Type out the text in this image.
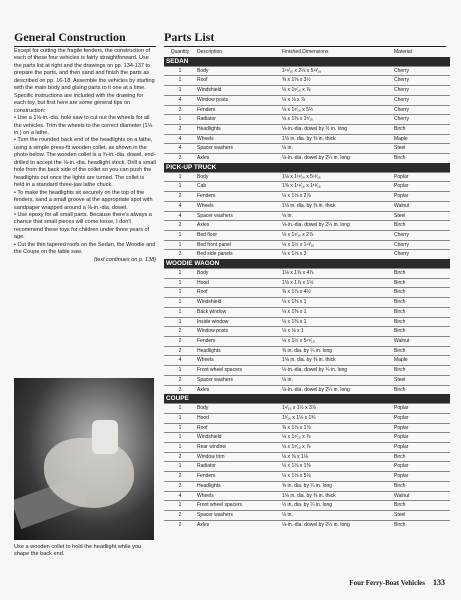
General Construction

Except for cutting the fragile fenders, the construction of each of these four vehicles is fairly straightforward. Use the parts list at right and the drawings on pp. 134-137 to prepare the parts, and then sand and finish the parts as described on pp. 16-18. Assemble the vehicles by starting with the main body and gluing parts to it one at a time. Specific instructions are included with the drawing for each toy, but first here are some general tips on construction:

• Use a 1⅛-in.-dia. hole saw to cut out the wheels for all the vehicles. Trim the wheels to the correct diameter (1⅛ in.) on a lathe.

• Turn the rounded back end of the headlights on a lathe, using a simple press-fit wooden collet, as shown in the photo below. The wooden collet is a ¾-in.-dia. dowel, end-drilled to accept the ⅛-in.-dia. headlight stock. Drill a small hole from the back side of the collet so you can push the headlights out once the lights are turned. The collet is held in a standard three-jaw lathe chuck.

• To make the headlights sit securely on the top of the fenders, sand a small groove at the appropriate spot with sandpaper wrapped around a ⅛-in.-dia. dowel.

• Use epoxy for all small parts. Because there's always a chance that small pieces will come loose, I don't recommend these toys for children under three years of age.

• Cut the thin tapered roofs on the Sedan, the Woodie and the Coupe on the table saw.

(text continues on p. 138)

Use a wooden collet to hold the headlight while you shape the back end.

Parts List
Quantity	Description	Finished Dimensions	Material
SEDAN			
1	Body	1¹⁵⁄₁₆ x 2⅛ x 5¹³⁄₁₆	Cherry
1	Roof	⅜ x 1⅝ x 3½	Cherry
1	Windshield	⅛ x 1⁵⁄₁₆ x ⅞	Cherry
4	Window posts	⅛ x ⅛ x ⅞	Cherry
2	Fenders	⅛ x 1⁵⁄₁₆ x 5½	Cherry
1	Radiator	⅛ x 1⅜ x 1⁵⁄₁₆	Cherry
2	Headlights	⅛-in.-dia. dowel by ½ in. long	Birch
4	Wheels	1⅛ in. dia. by ⅜ in. thick	Maple
4	Spacer washers	⅛ in.	Steel
2	Axles	⅛-in.-dia. dowel by 2¼ in. long	Birch
PICK-UP TRUCK			
1	Body	1⅛ x 1¹¹⁄₁₆ x 5¹³⁄₁₆	Poplar
1	Cab	1⅜ x 1¹¹⁄₁₆ x 1¹³⁄₁₆	Poplar
2	Fenders	⅛ x 1⅛ x 2⅞	Poplar
4	Wheels	1⅛ in. dia. by ⅜ in. thick	Walnut
4	Spacer washers	⅛ in.	Steel
2	Axles	⅛-in.-dia. dowel by 2¼ in. long	Birch
1	Bed floor	⅛ x 1⁹⁄₁₆ x 2⅞	Cherry
1	Bed front panel	⅛ x 1½ x 1¹³⁄₁₆	Cherry
2	Bed side panels	⅛ x 1⅛ x 3	Cherry
WOODIE WAGON			
1	Body	1⅛ x 1⅜ x 4⅞	Birch
1	Hood	1⅛ x 1⅞ x 1½	Birch
1	Roof	⅜ x 1⅞ x 4½	Birch
1	Windshield	⅛ x 1⅜ x 1	Birch
1	Back window	⅛ x 1⅜ x 1	Birch
1	Inside window	⅛ x 1⅜ x 1	Birch
2	Window posts	⅛ x ⅛ x 1	Birch
2	Fenders	⅛ x 1½ x 5¹⁵⁄₁₆	Walnut
2	Headlights	⅜ in. dia. by ¼ in. long	Birch
4	Wheels	1⅛ in. dia. by ⅜ in. thick	Maple
1	Front wheel spacers	½-in.-dia. dowel by ¼ in. long	Birch
2	Spacer washers	⅛ in.	Steel
2	Axles	⅛-in.-dia. dowel by 2¼ in. long	Birch
COUPE			
1	Body	1⁹⁄₁₆ x 1½ x 3⅞	Poplar
1	Hood	1³⁄₁₆ x 1⅛ x 1¾	Poplar
1	Roof	⅜ x 1⅞ x 1⅞	Poplar
1	Windshield	⅛ x 1⁵⁄₁₆ x ⅞	Poplar
1	Rear window	⅛ x 1⁵⁄₁₆ x ⅞	Poplar
2	Window trim	⅛ x ⅝ x 1⅛	Birch
1	Radiator	⅛ x 1⅛ x 1⅜	Poplar
2	Fenders	⅛ x 1⅛ x 5⅛	Poplar
2	Headlights	⅜ in. dia. by ¼ in. long	Birch
4	Wheels	1⅛ in. dia. by ⅜ in. thick	Walnut
1	Front wheel spacers	½ in. dia. by ¼ in. long	Birch
2	Spacer washers	⅛ in.	Steel
2	Axles	⅛-in.-dia. dowel by 2¼ in. long	Birch
Four Ferry-Boat Vehicles 133
